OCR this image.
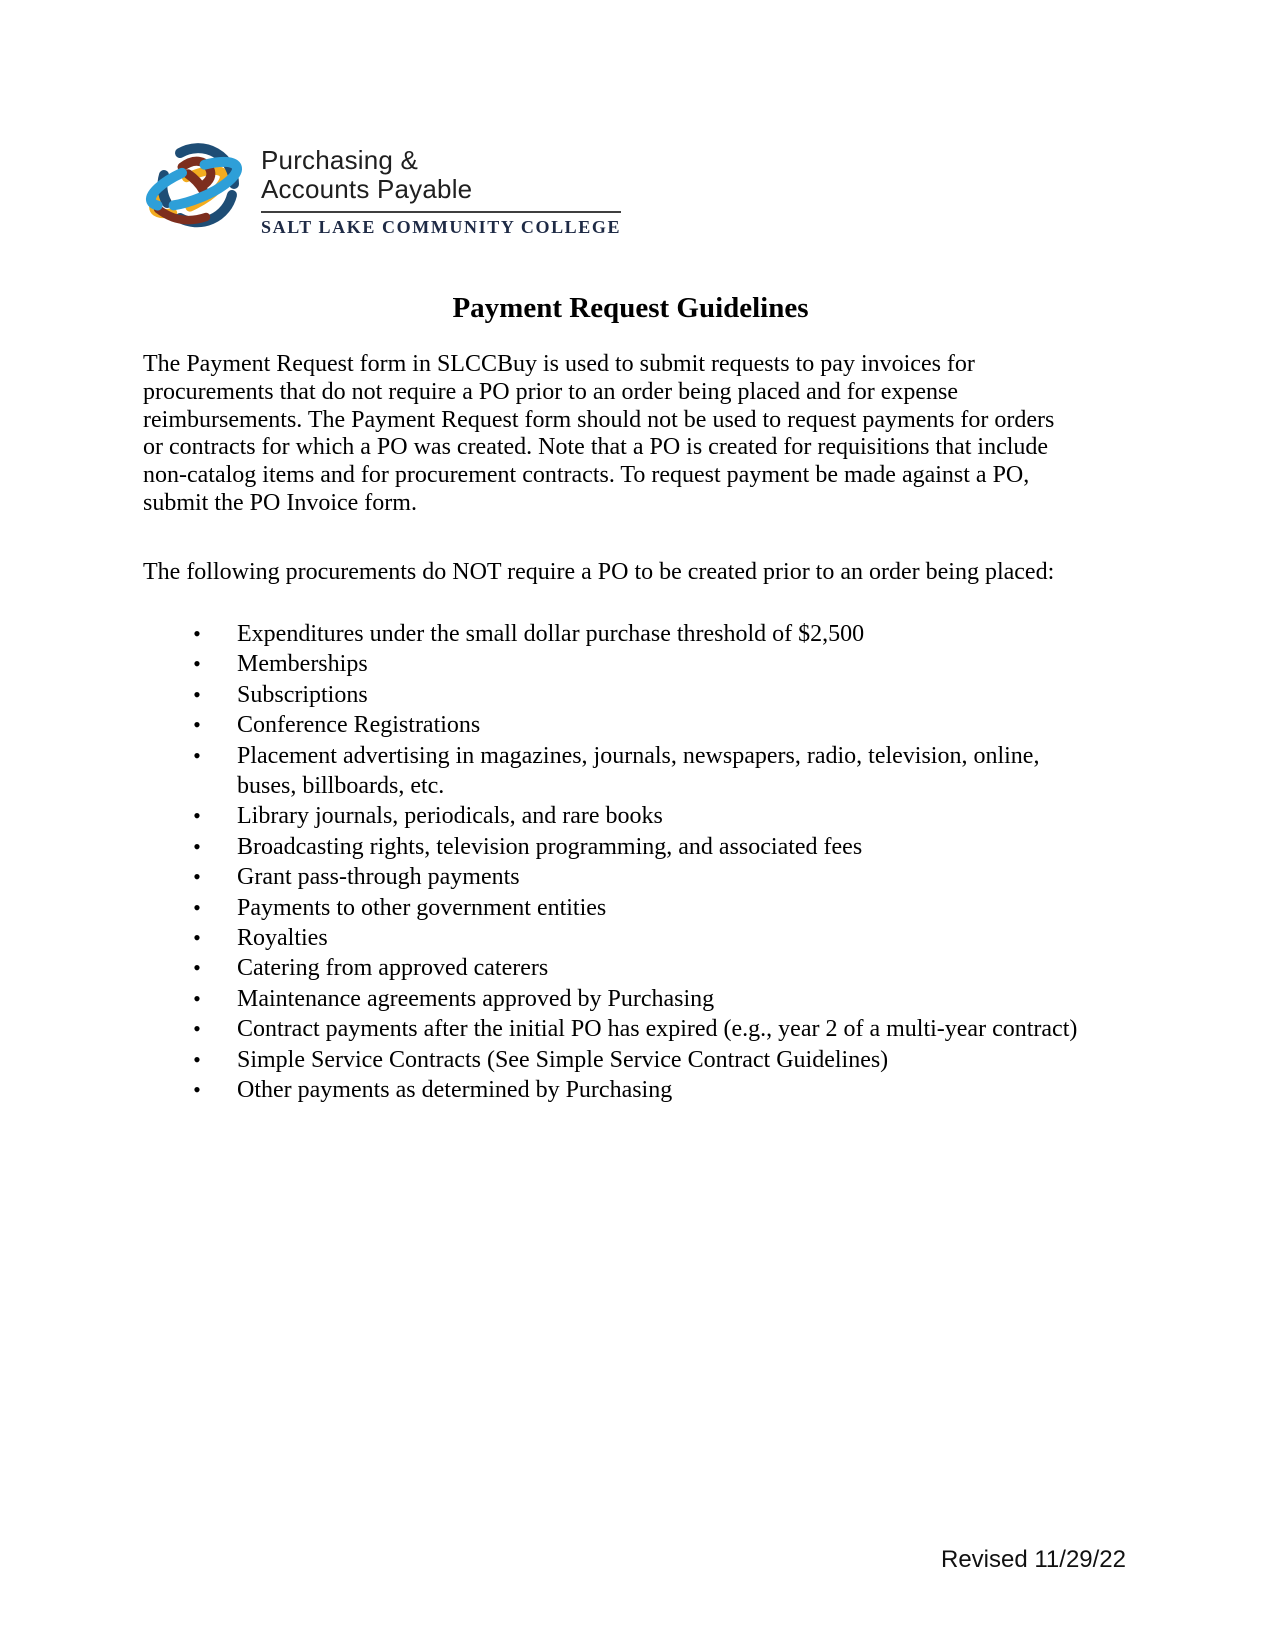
Purchasing &
Accounts Payable
SALT LAKE COMMUNITY COLLEGE
Payment Request Guidelines
The Payment Request form in SLCCBuy is used to submit requests to pay invoices for
procurements that do not require a PO prior to an order being placed and for expense
reimbursements. The Payment Request form should not be used to request payments for orders
or contracts for which a PO was created. Note that a PO is created for requisitions that include
non-catalog items and for procurement contracts. To request payment be made against a PO,
submit the PO Invoice form.
The following procurements do NOT require a PO to be created prior to an order being placed:
• Expenditures under the small dollar purchase threshold of $2,500
• Memberships
• Subscriptions
• Conference Registrations
• Placement advertising in magazines, journals, newspapers, radio, television, online,
buses, billboards, etc.
• Library journals, periodicals, and rare books
• Broadcasting rights, television programming, and associated fees
• Grant pass-through payments
• Payments to other government entities
• Royalties
• Catering from approved caterers
• Maintenance agreements approved by Purchasing
• Contract payments after the initial PO has expired (e.g., year 2 of a multi-year contract)
• Simple Service Contracts (See Simple Service Contract Guidelines)
• Other payments as determined by Purchasing
Revised 11/29/22
